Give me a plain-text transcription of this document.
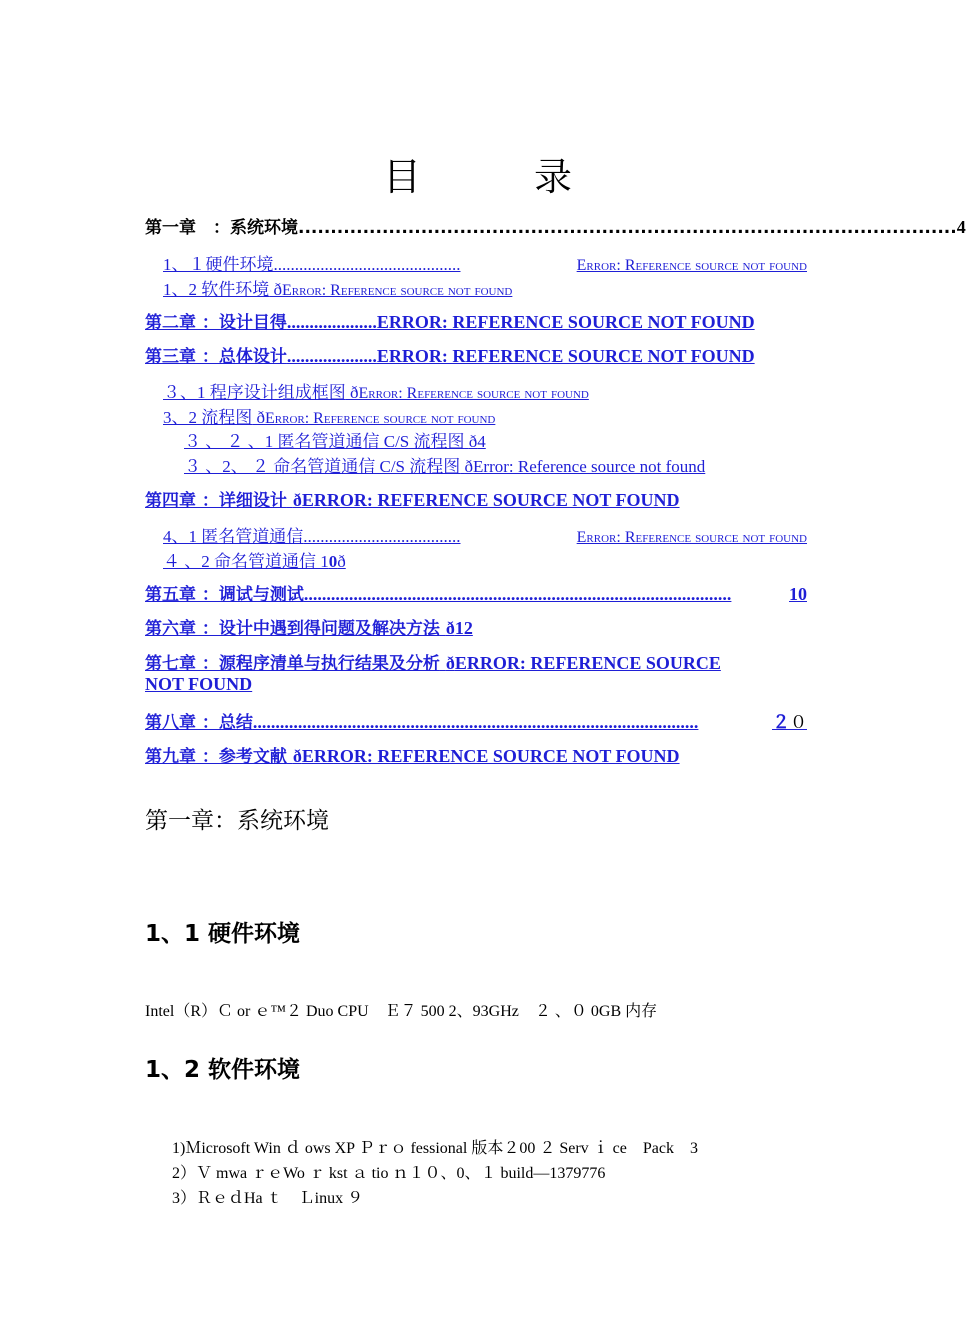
目	录
第一章　：系统环境 ...................................................................................................... 4
1、１硬件环境 ............................................	Error: Reference source not found
1、2 软件环境 ðError: Reference source not found
第二章 ：设计目得 .................... ERROR: REFERENCE SOURCE NOT FOUND
第三章 ：总体设计 .................... ERROR: REFERENCE SOURCE NOT FOUND
３、1 程序设计组成框图 ðError: Reference source not found
3、2 流程图 ðError: Reference source not found
３ 、 ２ 、1 匿名管道通信 C/S 流程图 ð4
３ 、2、 ２ 命名管道通信 C/S 流程图 ðError: Reference source not found
第四章 ：详细设计 ðERROR: REFERENCE SOURCE NOT FOUND
4、1 匿名管道通信 .....................................	Error: Reference source not found
４ 、2 命名管道通信 10ð
第五章 ：调试与测试 ...............................................................................................	10
第六章 ：设计中遇到得问题及解决方法 ð12
第七章 ：源程序清单与执行结果及分析 ðERROR: REFERENCE SOURCE
NOT FOUND
第八章 ：总结 ...................................................................................................	２ ０
第九章 ：参考文献 ðERROR: REFERENCE SOURCE NOT FOUND
第一章：系统环境
1、1 硬件环境
Intel（R）Ｃ or ｅ™２ Duo CPU　Ｅ７ 500 2、93GHz　２ 、０ 0GB 内存
1、2 软件环境
1)Ｍicrosoft Win ｄ ows XP Ｐｒｏ fessional 版本２00 ２ Serv ｉ ce　Pack　3
2）Ｖ mwa ｒｅWo ｒ kst ａ tio ｎ１０、0、１ build—1379776
3）ＲｅｄHa ｔ　Ｌinux ９
